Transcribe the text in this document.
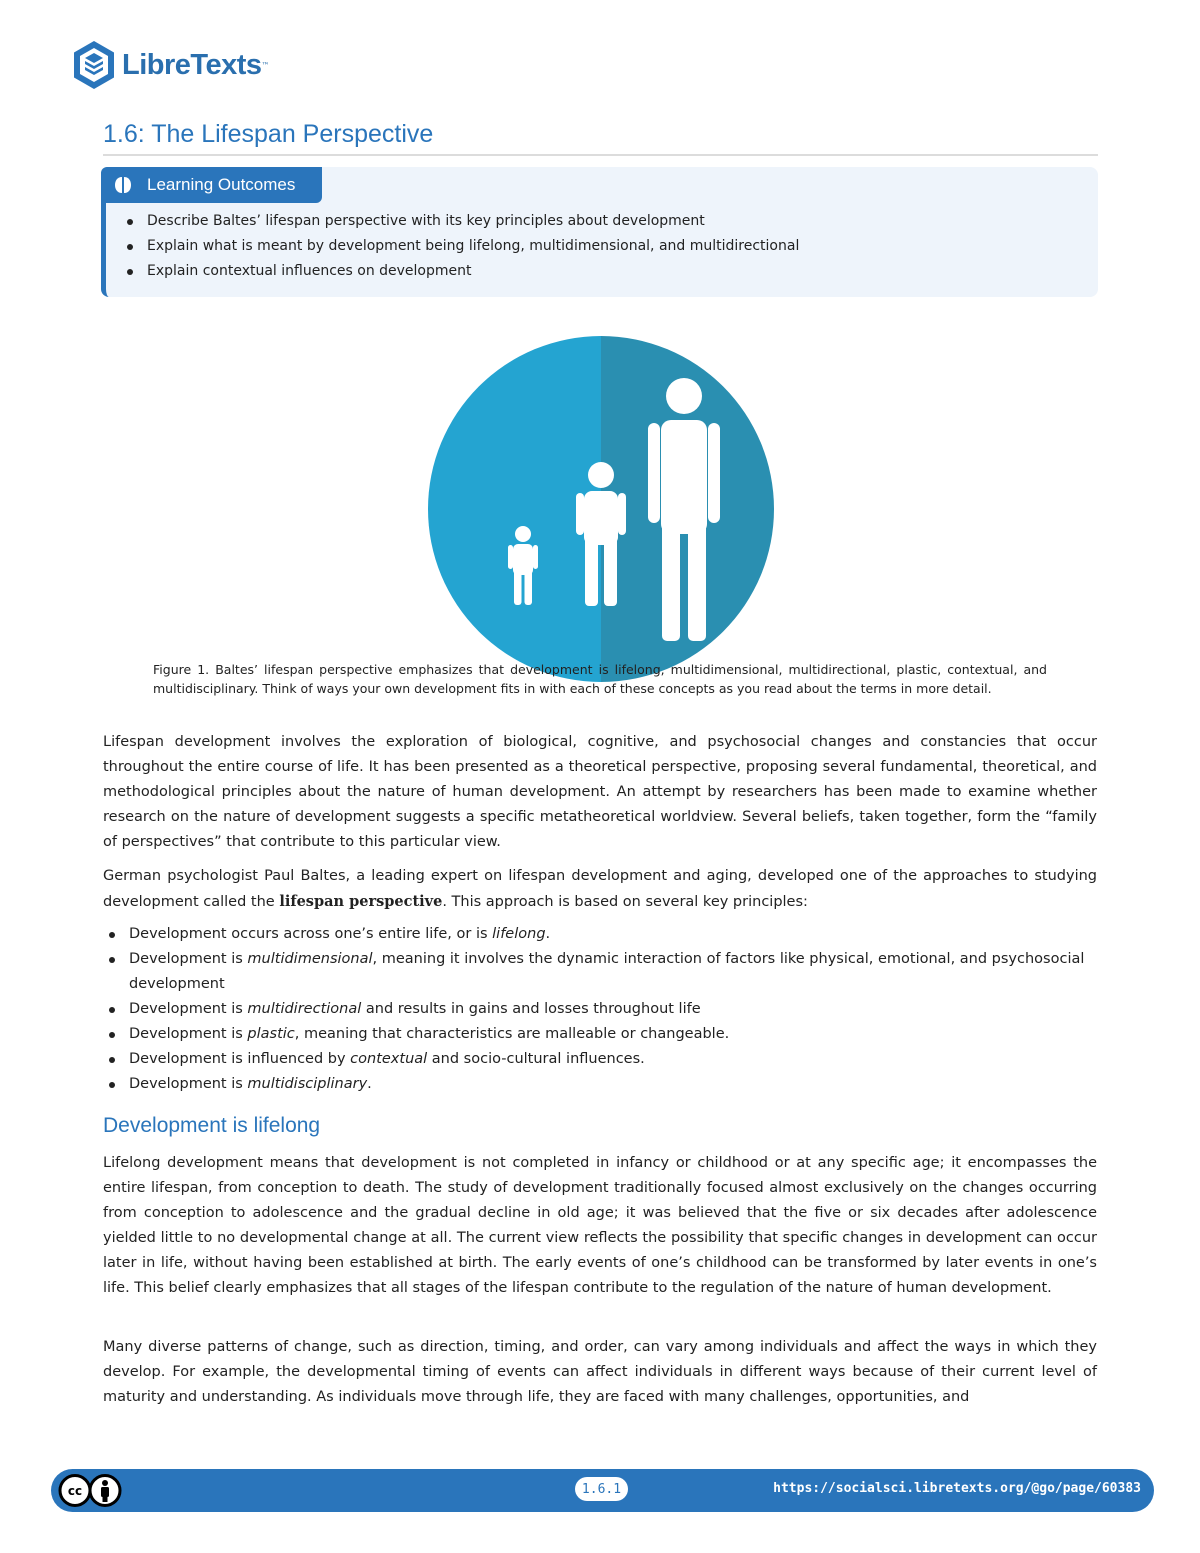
LibreTexts ™
1.6: The Lifespan Perspective
Learning Outcomes
Describe Baltes’ lifespan perspective with its key principles about development
Explain what is meant by development being lifelong, multidimensional, and multidirectional
Explain contextual influences on development
Figure 1. Baltes’ lifespan perspective emphasizes that development is lifelong, multidimensional, multidirectional, plastic, contextual, and multidisciplinary. Think of ways your own development fits in with each of these concepts as you read about the terms in more detail.

Lifespan development involves the exploration of biological, cognitive, and psychosocial changes and constancies that occur throughout the entire course of life. It has been presented as a theoretical perspective, proposing several fundamental, theoretical, and methodological principles about the nature of human development. An attempt by researchers has been made to examine whether research on the nature of development suggests a specific metatheoretical worldview. Several beliefs, taken together, form the “family of perspectives” that contribute to this particular view.

German psychologist Paul Baltes, a leading expert on lifespan development and aging, developed one of the approaches to studying development called the lifespan perspective. This approach is based on several key principles:

Development occurs across one’s entire life, or is lifelong.
Development is multidimensional, meaning it involves the dynamic interaction of factors like physical, emotional, and psychosocial development
Development is multidirectional and results in gains and losses throughout life
Development is plastic, meaning that characteristics are malleable or changeable.
Development is influenced by contextual and socio-cultural influences.
Development is multidisciplinary.
Development is lifelong

Lifelong development means that development is not completed in infancy or childhood or at any specific age; it encompasses the entire lifespan, from conception to death. The study of development traditionally focused almost exclusively on the changes occurring from conception to adolescence and the gradual decline in old age; it was believed that the five or six decades after adolescence yielded little to no developmental change at all. The current view reflects the possibility that specific changes in development can occur later in life, without having been established at birth. The early events of one’s childhood can be transformed by later events in one’s life. This belief clearly emphasizes that all stages of the lifespan contribute to the regulation of the nature of human development.

Many diverse patterns of change, such as direction, timing, and order, can vary among individuals and affect the ways in which they develop. For example, the developmental timing of events can affect individuals in different ways because of their current level of maturity and understanding. As individuals move through life, they are faced with many challenges, opportunities, and

cc	1.6.1	https://socialsci.libretexts.org/@go/page/60383
